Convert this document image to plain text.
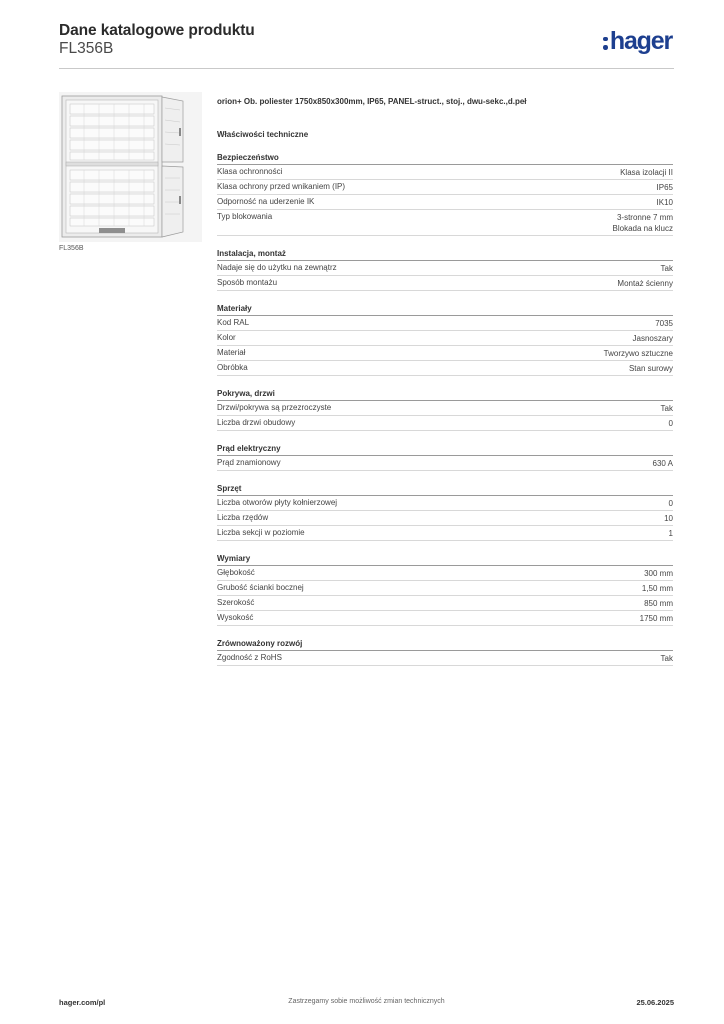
Dane katalogowe produktu
FL356B	hager
FL356B
orion+ Ob. poliester 1750x850x300mm, IP65, PANEL-struct., stoj., dwu-sekc.,d.peł
Właściwości techniczne
Bezpieczeństwo
Klasa ochronności	Klasa izolacji II
Klasa ochrony przed wnikaniem (IP)	IP65
Odporność na uderzenie IK	IK10
Typ blokowania	3-stronne 7 mm
Blokada na klucz
Instalacja, montaż
Nadaje się do użytku na zewnątrz	Tak
Sposób montażu	Montaż ścienny
Materiały
Kod RAL	7035
Kolor	Jasnoszary
Materiał	Tworzywo sztuczne
Obróbka	Stan surowy
Pokrywa, drzwi
Drzwi/pokrywa są przezroczyste	Tak
Liczba drzwi obudowy	0
Prąd elektryczny
Prąd znamionowy	630 A
Sprzęt
Liczba otworów płyty kołnierzowej	0
Liczba rzędów	10
Liczba sekcji w poziomie	1
Wymiary
Głębokość	300 mm
Grubość ścianki bocznej	1,50 mm
Szerokość	850 mm
Wysokość	1750 mm
Zrównoważony rozwój
Zgodność z RoHS	Tak
Zastrzegamy sobie możliwość zmian technicznych
hager.com/pl	25.06.2025
